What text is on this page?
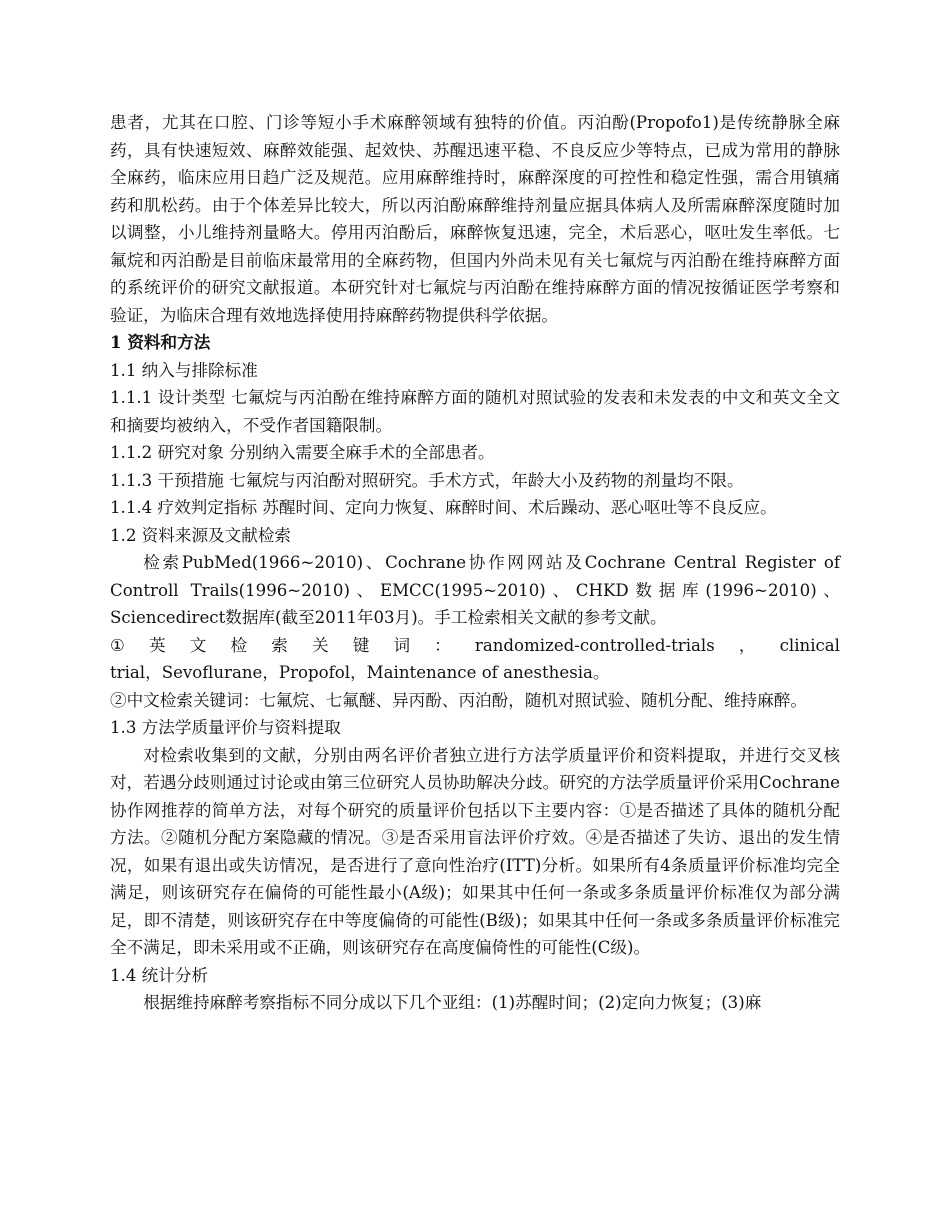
患者，尤其在口腔、门诊等短小手术麻醉领域有独特的价值。丙泊酚(Propofo1)是传统静脉全麻药，具有快速短效、麻醉效能强、起效快、苏醒迅速平稳、不良反应少等特点，已成为常用的静脉全麻药，临床应用日趋广泛及规范。应用麻醉维持时，麻醉深度的可控性和稳定性强，需合用镇痛药和肌松药。由于个体差异比较大，所以丙泊酚麻醉维持剂量应据具体病人及所需麻醉深度随时加以调整，小儿维持剂量略大。停用丙泊酚后，麻醉恢复迅速，完全，术后恶心，呕吐发生率低。七氟烷和丙泊酚是目前临床最常用的全麻药物，但国内外尚未见有关七氟烷与丙泊酚在维持麻醉方面的系统评价的研究文献报道。本研究针对七氟烷与丙泊酚在维持麻醉方面的情况按循证医学考察和验证，为临床合理有效地选择使用持麻醉药物提供科学依据。

1 资料和方法

1.1 纳入与排除标准

1.1.1 设计类型 七氟烷与丙泊酚在维持麻醉方面的随机对照试验的发表和未发表的中文和英文全文和摘要均被纳入，不受作者国籍限制。

1.1.2 研究对象 分别纳入需要全麻手术的全部患者。

1.1.3 干预措施 七氟烷与丙泊酚对照研究。手术方式，年龄大小及药物的剂量均不限。

1.1.4 疗效判定指标 苏醒时间、定向力恢复、麻醉时间、术后躁动、恶心呕吐等不良反应。

1.2 资料来源及文献检索

检索PubMed(1966~2010)、Cochrane协作网网站及Cochrane Central Register of Controll Trails(1996~2010)、EMCC(1995~2010)、CHKD数据库(1996~2010)、Sciencedirect数据库(截至2011年03月)。手工检索相关文献的参考文献。

① 英 文 检 索 关 键 词 ： randomized-controlled-trials ， clinical

trial，Sevoflurane，Propofol，Maintenance of anesthesia。

②中文检索关键词：七氟烷、七氟醚、异丙酚、丙泊酚，随机对照试验、随机分配、维持麻醉。

1.3 方法学质量评价与资料提取

对检索收集到的文献，分别由两名评价者独立进行方法学质量评价和资料提取，并进行交叉核对，若遇分歧则通过讨论或由第三位研究人员协助解决分歧。研究的方法学质量评价采用Cochrane协作网推荐的简单方法，对每个研究的质量评价包括以下主要内容：①是否描述了具体的随机分配方法。②随机分配方案隐藏的情况。③是否采用盲法评价疗效。④是否描述了失访、退出的发生情况，如果有退出或失访情况，是否进行了意向性治疗(ITT)分析。如果所有4条质量评价标准均完全满足，则该研究存在偏倚的可能性最小(A级)；如果其中任何一条或多条质量评价标准仅为部分满足，即不清楚，则该研究存在中等度偏倚的可能性(B级)；如果其中任何一条或多条质量评价标准完全不满足，即未采用或不正确，则该研究存在高度偏倚性的可能性(C级)。

1.4 统计分析

根据维持麻醉考察指标不同分成以下几个亚组：(1)苏醒时间；(2)定向力恢复；(3)麻
